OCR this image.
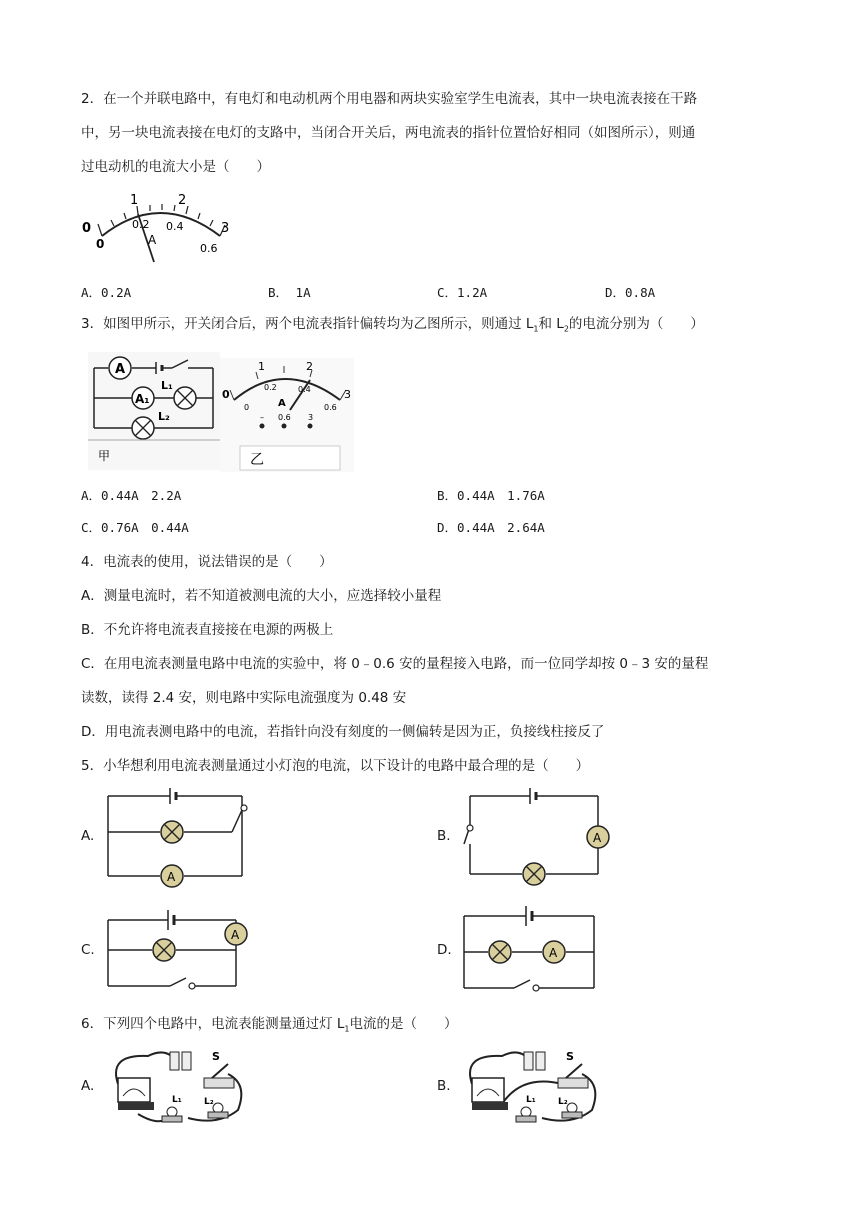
2．在一个并联电路中，有电灯和电动机两个用电器和两块实验室学生电流表，其中一块电流表接在干路
中，另一块电流表接在电灯的支路中，当闭合开关后，两电流表的指针位置恰好相同（如图所示），则通
过电动机的电流大小是（　　）
0
1	2
3
0
0.2 0.4
0.6
A
A．0.2A	B． 1A	C．1.2A	D．0.8A
3．如图甲所示，开关闭合后，两个电流表指针偏转均为乙图所示，则通过 $L_1$和 $L_2$的电流分别为（　　）
A
A₁
L₁
L₂
甲
0
1	2
3
0
0.2	0.4
0.6
A
– 0.6 3
乙
A．0.44A　2.2A	B．0.44A　1.76A
C．0.76A　0.44A	D．0.44A　2.64A
4．电流表的使用，说法错误的是（　　）
A．测量电流时，若不知道被测电流的大小，应选择较小量程
B．不允许将电流表直接接在电源的两极上
C．在用电流表测量电路中电流的实验中，将 0﹣0.6 安的量程接入电路，而一位同学却按 0﹣3 安的量程
读数，读得 2.4 安，则电路中实际电流强度为 0.48 安
D．用电流表测电路中的电流，若指针向没有刻度的一侧偏转是因为正，负接线柱接反了
5．小华想利用电流表测量通过小灯泡的电流，以下设计的电路中最合理的是（　　）
A.
A
B.	A
C.
A
D.	A
6．下列四个电路中，电流表能测量通过灯 $L_1$电流的是（　　）
A.
S
L₁ L₂
B.
S
L₁ L₂
